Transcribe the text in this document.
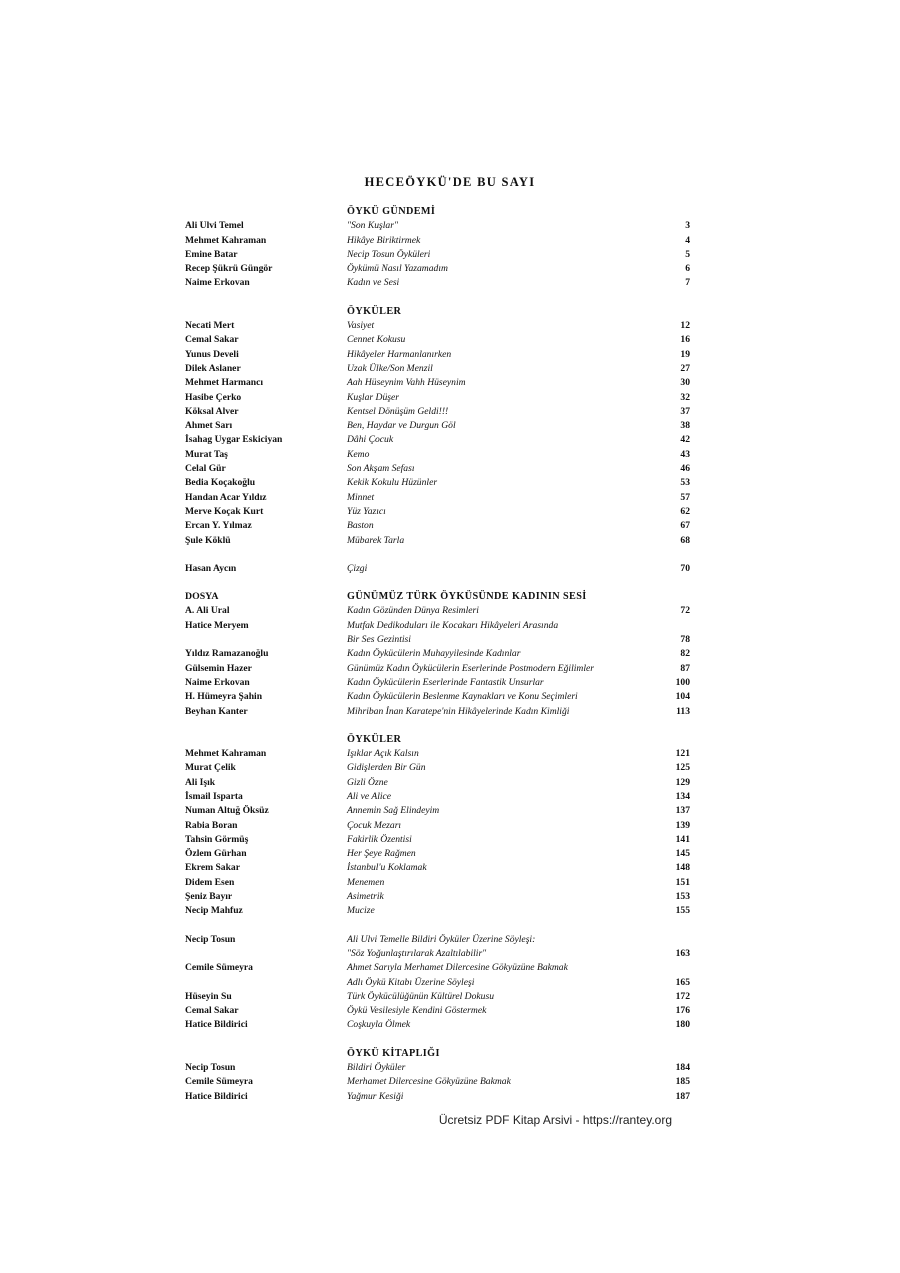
HECEÖYKÜ'DE BU SAYI
ÖYKÜ GÜNDEMİ
Ali Ulvi Temel	"Son Kuşlar"	3
Mehmet Kahraman	Hikâye Biriktirmek	4
Emine Batar	Necip Tosun Öyküleri	5
Recep Şükrü Güngör	Öykümü Nasıl Yazamadım	6
Naime Erkovan	Kadın ve Sesi	7
ÖYKÜLER
Necati Mert	Vasiyet	12
Cemal Sakar	Cennet Kokusu	16
Yunus Develi	Hikâyeler Harmanlanırken	19
Dilek Aslaner	Uzak Ülke/Son Menzil	27
Mehmet Harmancı	Aah Hüseynim Vahh Hüseynim	30
Hasibe Çerko	Kuşlar Düşer	32
Köksal Alver	Kentsel Dönüşüm Geldi!!!	37
Ahmet Sarı	Ben, Haydar ve Durgun Göl	38
İsahag Uygar Eskiciyan	Dâhi Çocuk	42
Murat Taş	Kemo	43
Celal Gür	Son Akşam Sefası	46
Bedia Koçakoğlu	Kekik Kokulu Hüzünler	53
Handan Acar Yıldız	Minnet	57
Merve Koçak Kurt	Yüz Yazıcı	62
Ercan Y. Yılmaz	Baston	67
Şule Köklü	Mübarek Tarla	68
Hasan Aycın	Çizgi	70
DOSYA	GÜNÜMÜZ TÜRK ÖYKÜSÜNDE KADININ SESİ
A. Ali Ural	Kadın Gözünden Dünya Resimleri	72
Hatice Meryem	Mutfak Dedikoduları ile Kocakarı Hikâyeleri Arasında
Bir Ses Gezintisi	78
Yıldız Ramazanoğlu	Kadın Öykücülerin Muhayyilesinde Kadınlar	82
Gülsemin Hazer	Günümüz Kadın Öykücülerin Eserlerinde Postmodern Eğilimler	87
Naime Erkovan	Kadın Öykücülerin Eserlerinde Fantastik Unsurlar	100
H. Hümeyra Şahin	Kadın Öykücülerin Beslenme Kaynakları ve Konu Seçimleri	104
Beyhan Kanter	Mihriban İnan Karatepe'nin Hikâyelerinde Kadın Kimliği	113
ÖYKÜLER
Mehmet Kahraman	Işıklar Açık Kalsın	121
Murat Çelik	Gidişlerden Bir Gün	125
Ali Işık	Gizli Özne	129
İsmail Isparta	Ali ve Alice	134
Numan Altuğ Öksüz	Annemin Sağ Elindeyim	137
Rabia Boran	Çocuk Mezarı	139
Tahsin Görmüş	Fakirlik Özentisi	141
Özlem Gürhan	Her Şeye Rağmen	145
Ekrem Sakar	İstanbul'u Koklamak	148
Didem Esen	Menemen	151
Şeniz Bayır	Asimetrik	153
Necip Mahfuz	Mucize	155
Necip Tosun	Ali Ulvi Temelle Bildiri Öyküler Üzerine Söyleşi:
"Söz Yoğunlaştırılarak Azaltılabilir"	163
Cemile Sümeyra	Ahmet Sarıyla Merhamet Dilercesine Gökyüzüne Bakmak
Adlı Öykü Kitabı Üzerine Söyleşi	165
Hüseyin Su	Türk Öykücülüğünün Kültürel Dokusu	172
Cemal Sakar	Öykü Vesilesiyle Kendini Göstermek	176
Hatice Bildirici	Coşkuyla Ölmek	180
ÖYKÜ KİTAPLIĞI
Necip Tosun	Bildiri Öyküler	184
Cemile Sümeyra	Merhamet Dilercesine Gökyüzüne Bakmak	185
Hatice Bildirici	Yağmur Kesiği	187
Ücretsiz PDF Kitap Arsivi - https://rantey.org
